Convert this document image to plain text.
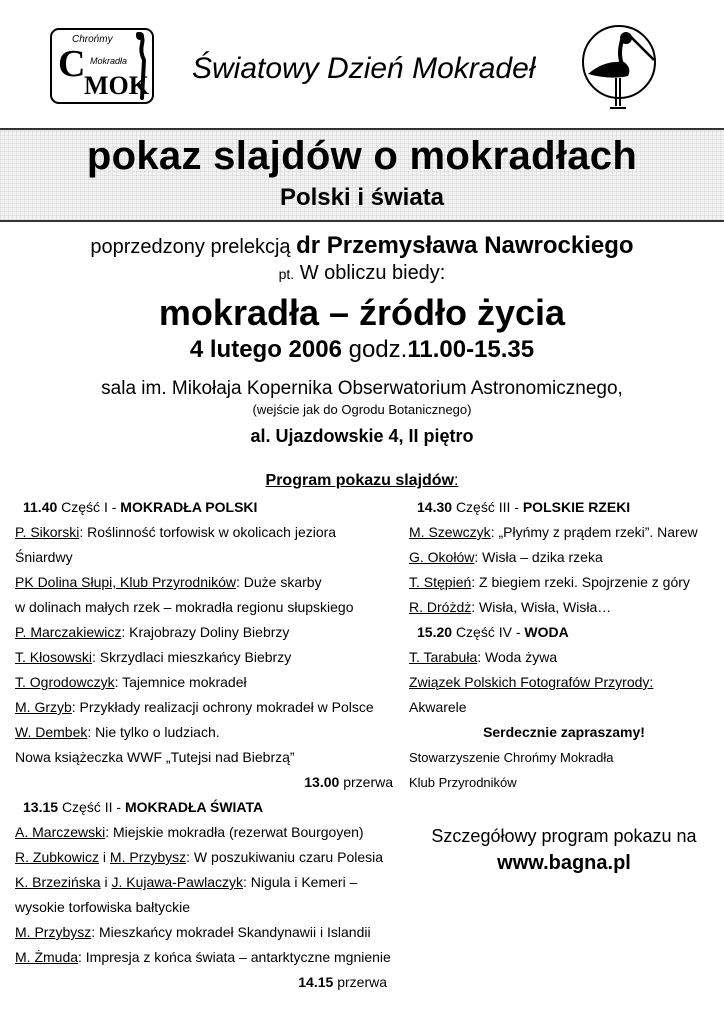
C
Chrońmy
Mokradła
MOK
Światowy Dzień Mokradeł
pokaz slajdów o mokradłach
Polski i świata
poprzedzony prelekcją dr Przemysława Nawrockiego
pt. W obliczu biedy:
mokradła – źródło życia
4 lutego 2006 godz.11.00-15.35
sala im. Mikołaja Kopernika Obserwatorium Astronomicznego,
(wejście jak do Ogrodu Botanicznego)
al. Ujazdowskie 4, II piętro
Program pokazu slajdów:
11.40 Część I - MOKRADŁA POLSKI
P. Sikorski: Roślinność torfowisk w okolicach jeziora
Śniardwy
PK Dolina Słupi, Klub Przyrodników: Duże skarby
w dolinach małych rzek – mokradła regionu słupskiego
P. Marczakiewicz: Krajobrazy Doliny Biebrzy
T. Kłosowski: Skrzydlaci mieszkańcy Biebrzy
T. Ogrodowczyk: Tajemnice mokradeł
M. Grzyb: Przykłady realizacji ochrony mokradeł w Polsce
W. Dembek: Nie tylko o ludziach.
Nowa książeczka WWF „Tutejsi nad Biebrzą”
13.00 przerwa
13.15 Część II - MOKRADŁA ŚWIATA
A. Marczewski: Miejskie mokradła (rezerwat Bourgoyen)
R. Zubkowicz i M. Przybysz: W poszukiwaniu czaru Polesia
K. Brzezińska i J. Kujawa-Pawlaczyk: Nigula i Kemeri –
wysokie torfowiska bałtyckie
M. Przybysz: Mieszkańcy mokradeł Skandynawii i Islandii
M. Żmuda: Impresja z końca świata – antarktyczne mgnienie
14.15 przerwa
14.30 Część III - POLSKIE RZEKI
M. Szewczyk: „Płyńmy z prądem rzeki”. Narew
G. Okołów: Wisła – dzika rzeka
T. Stępień: Z biegiem rzeki. Spojrzenie z góry
R. Dróżdż: Wisła, Wisła, Wisła…
15.20 Część IV - WODA
T. Tarabuła: Woda żywa
Związek Polskich Fotografów Przyrody:
Akwarele
Serdecznie zapraszamy!
Stowarzyszenie Chrońmy Mokradła
Klub Przyrodników
Szczegółowy program pokazu na
www.bagna.pl
